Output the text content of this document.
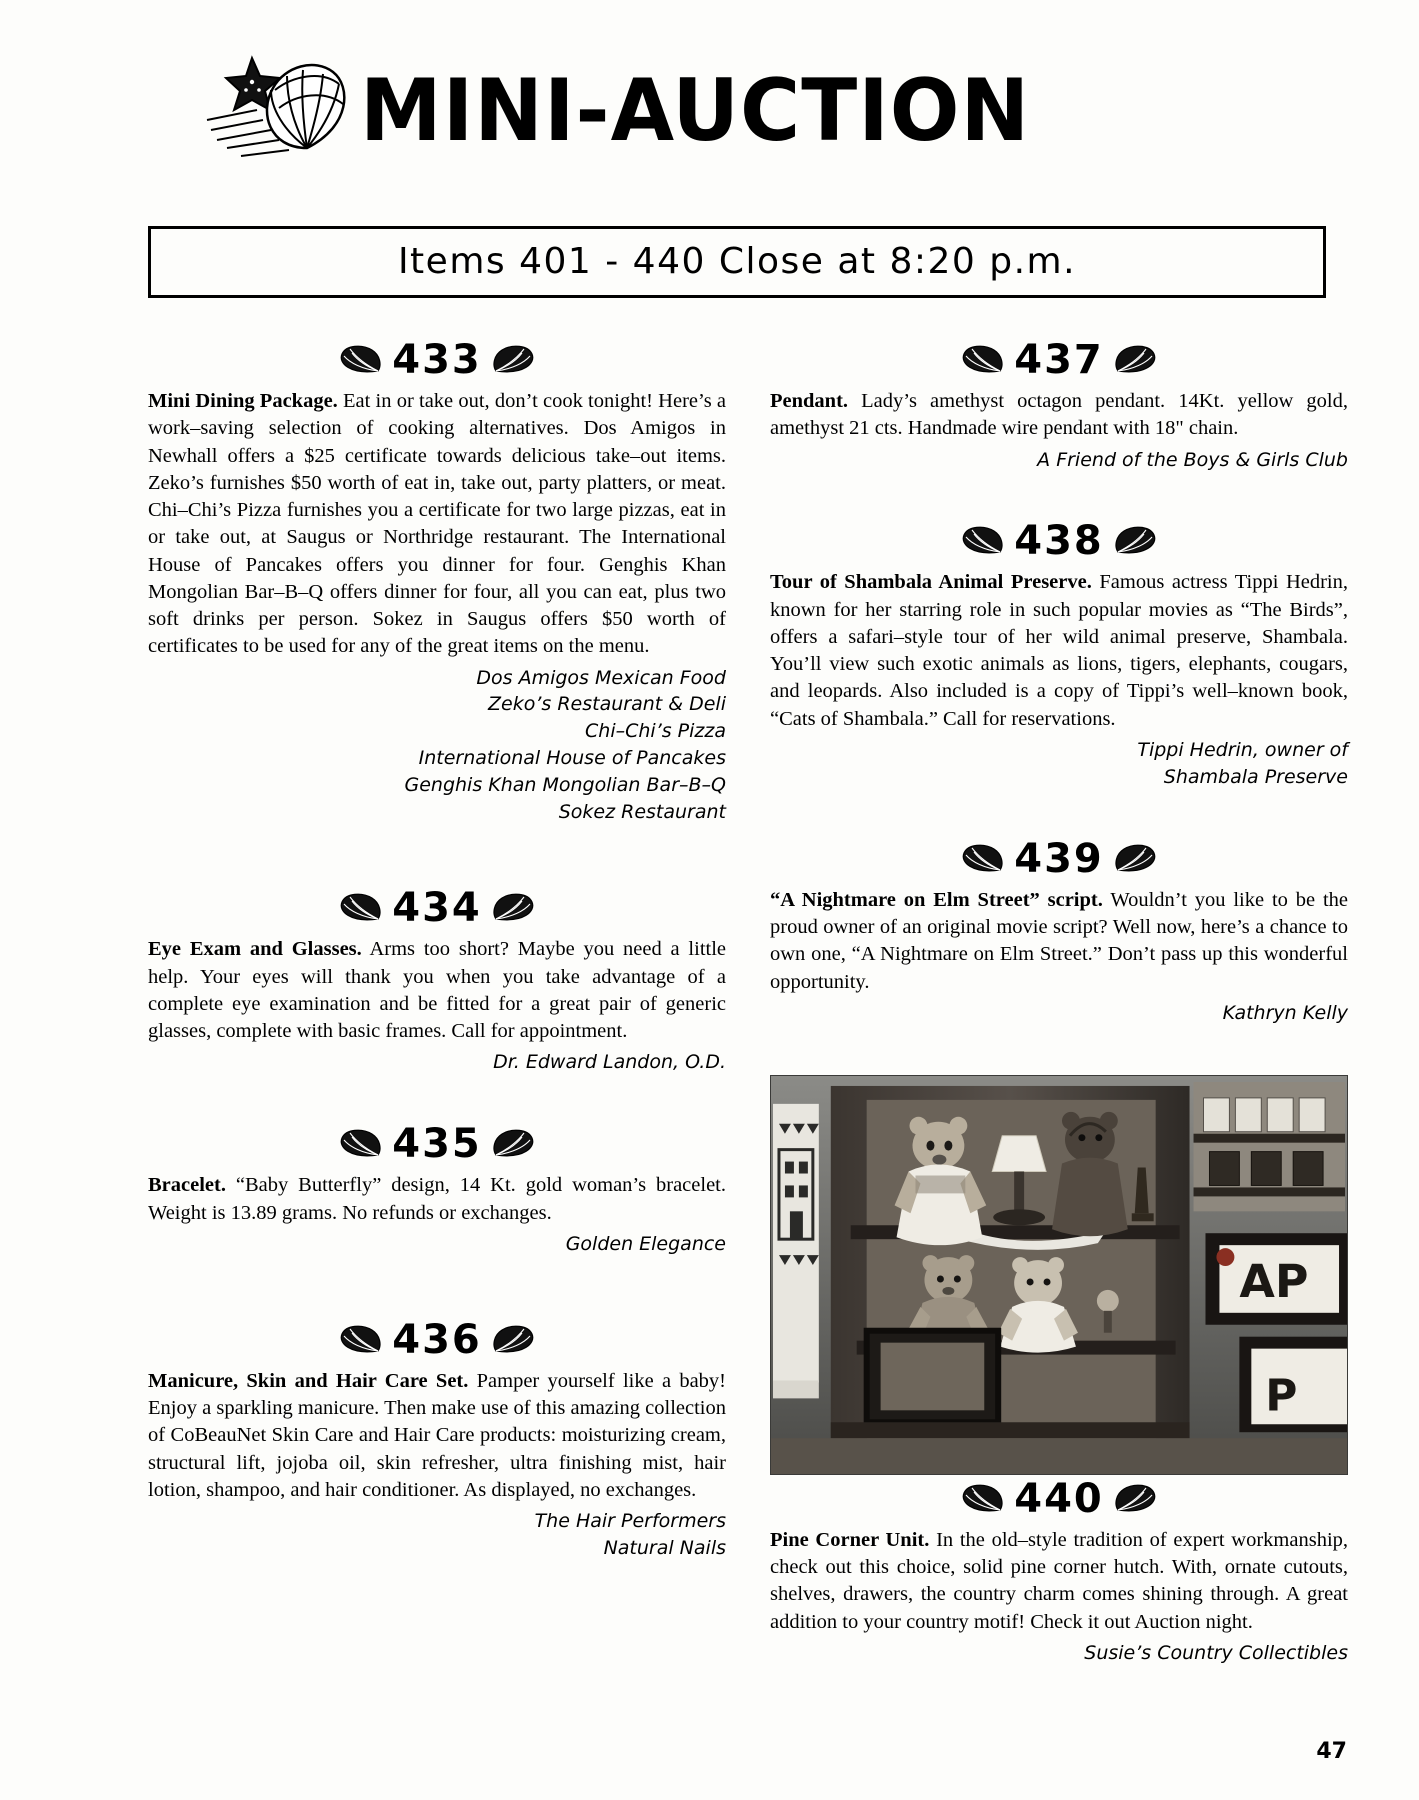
MINI-AUCTION
Items 401 - 440 Close at 8:20 p.m.
433
Mini Dining Package. Eat in or take out, don’t cook tonight! Here’s a work–saving selection of cooking alternatives. Dos Amigos in Newhall offers a $25 certificate towards delicious take–out items. Zeko’s furnishes $50 worth of eat in, take out, party platters, or meat. Chi–Chi’s Pizza furnishes you a certificate for two large pizzas, eat in or take out, at Saugus or Northridge restaurant. The International House of Pancakes offers you dinner for four. Genghis Khan Mongolian Bar–B–Q offers dinner for four, all you can eat, plus two soft drinks per person. Sokez in Saugus offers $50 worth of certificates to be used for any of the great items on the menu.
Dos Amigos Mexican Food
Zeko’s Restaurant & Deli
Chi–Chi’s Pizza
International House of Pancakes
Genghis Khan Mongolian Bar–B–Q
Sokez Restaurant
434
Eye Exam and Glasses. Arms too short? Maybe you need a little help. Your eyes will thank you when you take advantage of a complete eye examination and be fitted for a great pair of generic glasses, complete with basic frames. Call for appointment.
Dr. Edward Landon, O.D.
435
Bracelet. “Baby Butterfly” design, 14 Kt. gold woman’s bracelet. Weight is 13.89 grams. No refunds or exchanges.
Golden Elegance
436
Manicure, Skin and Hair Care Set. Pamper yourself like a baby! Enjoy a sparkling manicure. Then make use of this amazing collection of CoBeauNet Skin Care and Hair Care products: moisturizing cream, structural lift, jojoba oil, skin refresher, ultra finishing mist, hair lotion, shampoo, and hair conditioner. As displayed, no exchanges.
The Hair Performers
Natural Nails
437
Pendant. Lady’s amethyst octagon pendant. 14Kt. yellow gold, amethyst 21 cts. Handmade wire pendant with 18" chain.
A Friend of the Boys & Girls Club
438
Tour of Shambala Animal Preserve. Famous actress Tippi Hedrin, known for her starring role in such popular movies as “The Birds”, offers a safari–style tour of her wild animal preserve, Shambala. You’ll view such exotic animals as lions, tigers, elephants, cougars, and leopards. Also included is a copy of Tippi’s well–known book, “Cats of Shambala.” Call for reservations.
Tippi Hedrin, owner of
Shambala Preserve
439
“A Nightmare on Elm Street” script. Wouldn’t you like to be the proud owner of an original movie script? Well now, here’s a chance to own one, “A Nightmare on Elm Street.” Don’t pass up this wonderful opportunity.
Kathryn Kelly
440
Pine Corner Unit. In the old–style tradition of expert workmanship, check out this choice, solid pine corner hutch. With, ornate cutouts, shelves, drawers, the country charm comes shining through. A great addition to your country motif! Check it out Auction night.
Susie’s Country Collectibles
AP
P
47
